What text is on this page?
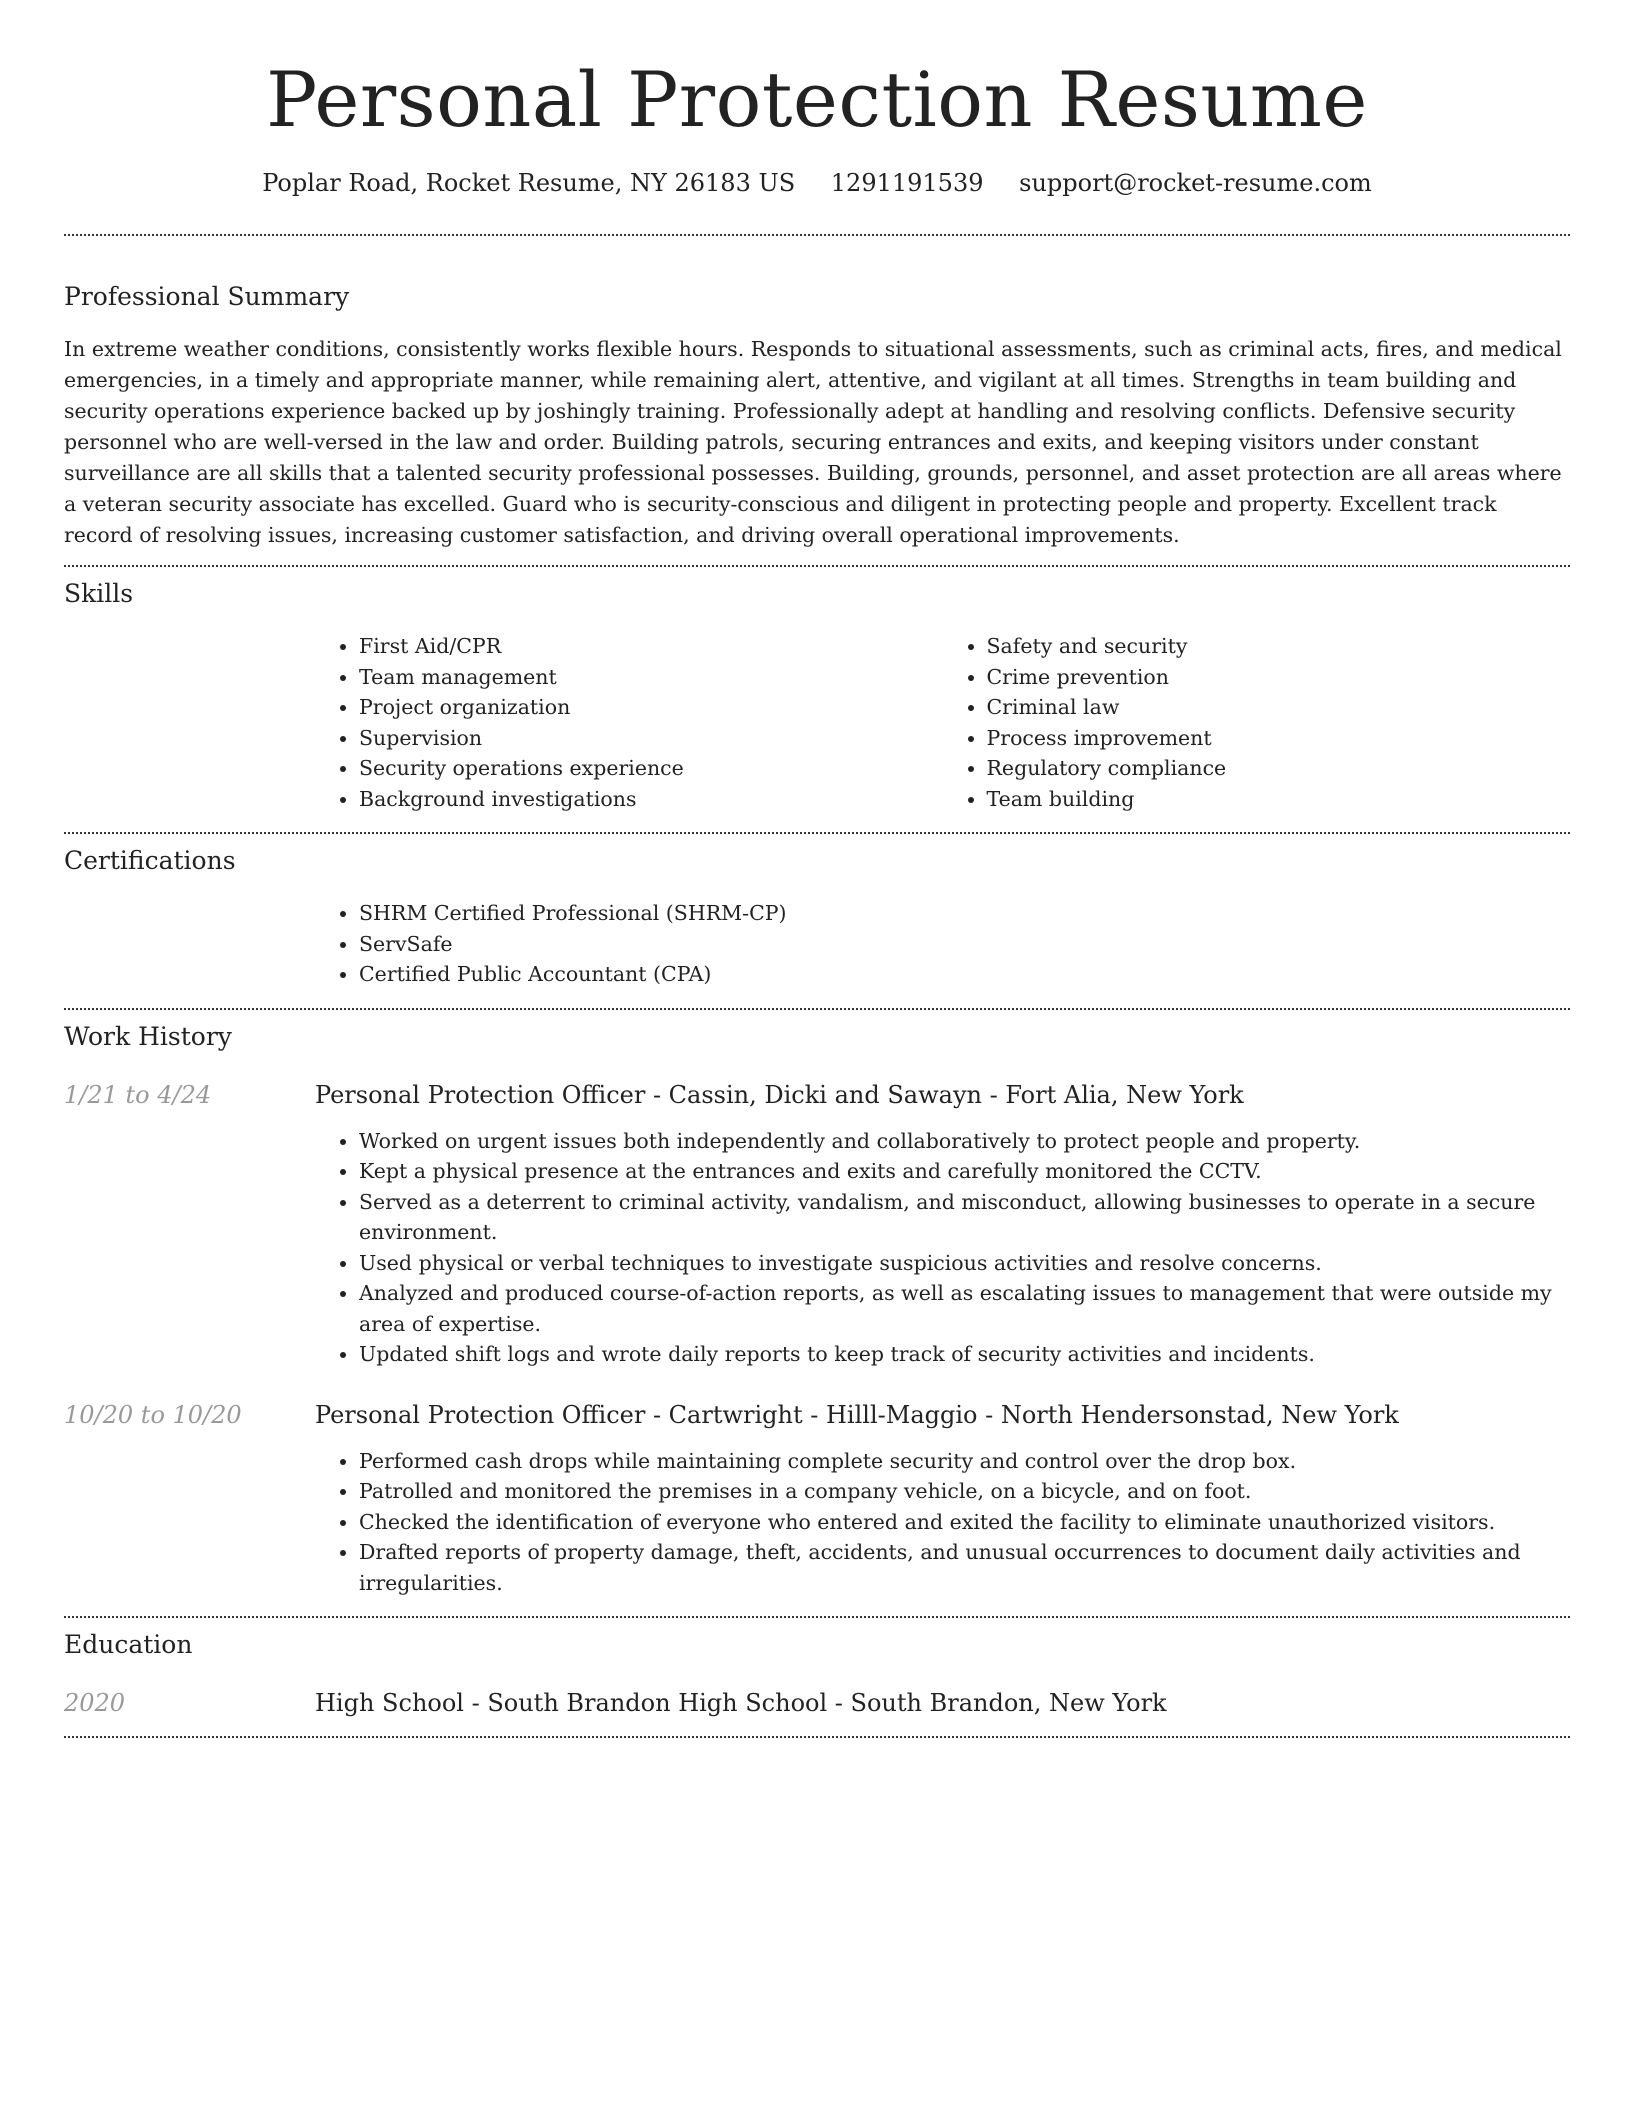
Personal Protection Resume
Poplar Road, Rocket Resume, NY 26183 US 1291191539 support@rocket-resume.com
Professional Summary

In extreme weather conditions, consistently works flexible hours. Responds to situational assessments, such as criminal acts, fires, and medical emergencies, in a timely and appropriate manner, while remaining alert, attentive, and vigilant at all times. Strengths in team building and security operations experience backed up by joshingly training. Professionally adept at handling and resolving conflicts. Defensive security personnel who are well-versed in the law and order. Building patrols, securing entrances and exits, and keeping visitors under constant surveillance are all skills that a talented security professional possesses. Building, grounds, personnel, and asset protection are all areas where a veteran security associate has excelled. Guard who is security-conscious and diligent in protecting people and property. Excellent track record of resolving issues, increasing customer satisfaction, and driving overall operational improvements.

Skills
• First Aid/CPR
• Team management
• Project organization
• Supervision
• Security operations experience
• Background investigations
• Safety and security
• Crime prevention
• Criminal law
• Process improvement
• Regulatory compliance
• Team building
Certifications
• SHRM Certified Professional (SHRM-CP)
• ServSafe
• Certified Public Accountant (CPA)
Work History
1/21 to 4/24	Personal Protection Officer - Cassin, Dicki and Sawayn - Fort Alia, New York
• Worked on urgent issues both independently and collaboratively to protect people and property.
• Kept a physical presence at the entrances and exits and carefully monitored the CCTV.
• Served as a deterrent to criminal activity, vandalism, and misconduct, allowing businesses to operate in a secure environment.
• Used physical or verbal techniques to investigate suspicious activities and resolve concerns.
• Analyzed and produced course-of-action reports, as well as escalating issues to management that were outside my area of expertise.
• Updated shift logs and wrote daily reports to keep track of security activities and incidents.
10/20 to 10/20	Personal Protection Officer - Cartwright - Hilll-Maggio - North Hendersonstad, New York
• Performed cash drops while maintaining complete security and control over the drop box.
• Patrolled and monitored the premises in a company vehicle, on a bicycle, and on foot.
• Checked the identification of everyone who entered and exited the facility to eliminate unauthorized visitors.
• Drafted reports of property damage, theft, accidents, and unusual occurrences to document daily activities and irregularities.
Education
2020	High School - South Brandon High School - South Brandon, New York
